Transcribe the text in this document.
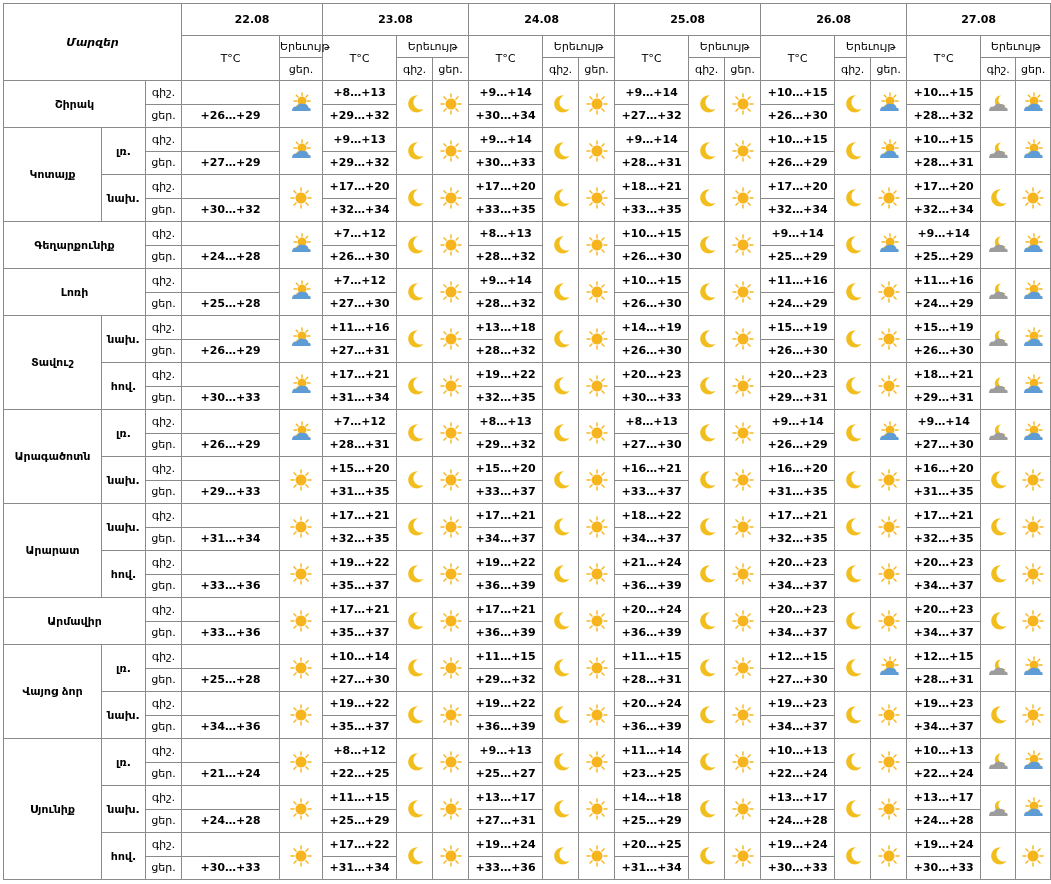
Մարզեր			22.08		23.08			24.08			25.08			26.08			27.08		
			T°C	Երեւույթ	T°C	Երեւույթ		T°C	Երեւույթ		T°C	Երեւույթ		T°C	Երեւույթ		T°C	Երեւույթ	
				ցեր.		գիշ.	ցեր.		գիշ.	ցեր.		գիշ.	ցեր.		գիշ.	ցեր.		գիշ.	ցեր.
Շիրակ		գիշ.			+8…+13			+9…+14			+9…+14			+10…+15			+10…+15		
		ցեր.	+26…+29		+29…+32			+30…+34			+27…+32			+26…+30			+28…+32		
Կոտայք	լռ.	գիշ.			+9…+13			+9…+14			+9…+14			+10…+15			+10…+15		
		ցեր.	+27…+29		+29…+32			+30…+33			+28…+31			+26…+29			+28…+31		
	նախ.	գիշ.			+17…+20			+17…+20			+18…+21			+17…+20			+17…+20		
		ցեր.	+30…+32		+32…+34			+33…+35			+33…+35			+32…+34			+32…+34		
Գեղարքունիք		գիշ.			+7…+12			+8…+13			+10…+15			+9…+14			+9…+14		
		ցեր.	+24…+28		+26…+30			+28…+32			+26…+30			+25…+29			+25…+29		
Լոռի		գիշ.			+7…+12			+9…+14			+10…+15			+11…+16			+11…+16		
		ցեր.	+25…+28		+27…+30			+28…+32			+26…+30			+24…+29			+24…+29		
Տավուշ	նախ.	գիշ.			+11…+16			+13…+18			+14…+19			+15…+19			+15…+19		
		ցեր.	+26…+29		+27…+31			+28…+32			+26…+30			+26…+30			+26…+30		
	հով.	գիշ.			+17…+21			+19…+22			+20…+23			+20…+23			+18…+21		
		ցեր.	+30…+33		+31…+34			+32…+35			+30…+33			+29…+31			+29…+31		
Արագածոտն	լռ.	գիշ.			+7…+12			+8…+13			+8…+13			+9…+14			+9…+14		
		ցեր.	+26…+29		+28…+31			+29…+32			+27…+30			+26…+29			+27…+30		
	նախ.	գիշ.			+15…+20			+15…+20			+16…+21			+16…+20			+16…+20		
		ցեր.	+29…+33		+31…+35			+33…+37			+33…+37			+31…+35			+31…+35		
Արարատ	նախ.	գիշ.			+17…+21			+17…+21			+18…+22			+17…+21			+17…+21		
		ցեր.	+31…+34		+32…+35			+34…+37			+34…+37			+32…+35			+32…+35		
	հով.	գիշ.			+19…+22			+19…+22			+21…+24			+20…+23			+20…+23		
		ցեր.	+33…+36		+35…+37			+36…+39			+36…+39			+34…+37			+34…+37		
Արմավիր		գիշ.			+17…+21			+17…+21			+20…+24			+20…+23			+20…+23		
		ցեր.	+33…+36		+35…+37			+36…+39			+36…+39			+34…+37			+34…+37		
Վայոց ձոր	լռ.	գիշ.			+10…+14			+11…+15			+11…+15			+12…+15			+12…+15		
		ցեր.	+25…+28		+27…+30			+29…+32			+28…+31			+27…+30			+28…+31		
	նախ.	գիշ.			+19…+22			+19…+22			+20…+24			+19…+23			+19…+23		
		ցեր.	+34…+36		+35…+37			+36…+39			+36…+39			+34…+37			+34…+37		
Սյունիք	լռ.	գիշ.			+8…+12			+9…+13			+11…+14			+10…+13			+10…+13		
		ցեր.	+21…+24		+22…+25			+25…+27			+23…+25			+22…+24			+22…+24		
	նախ.	գիշ.			+11…+15			+13…+17			+14…+18			+13…+17			+13…+17		
		ցեր.	+24…+28		+25…+29			+27…+31			+25…+29			+24…+28			+24…+28		
	հով.	գիշ.			+17…+22			+19…+24			+20…+25			+19…+24			+19…+24		
		ցեր.	+30…+33		+31…+34			+33…+36			+31…+34			+30…+33			+30…+33		
